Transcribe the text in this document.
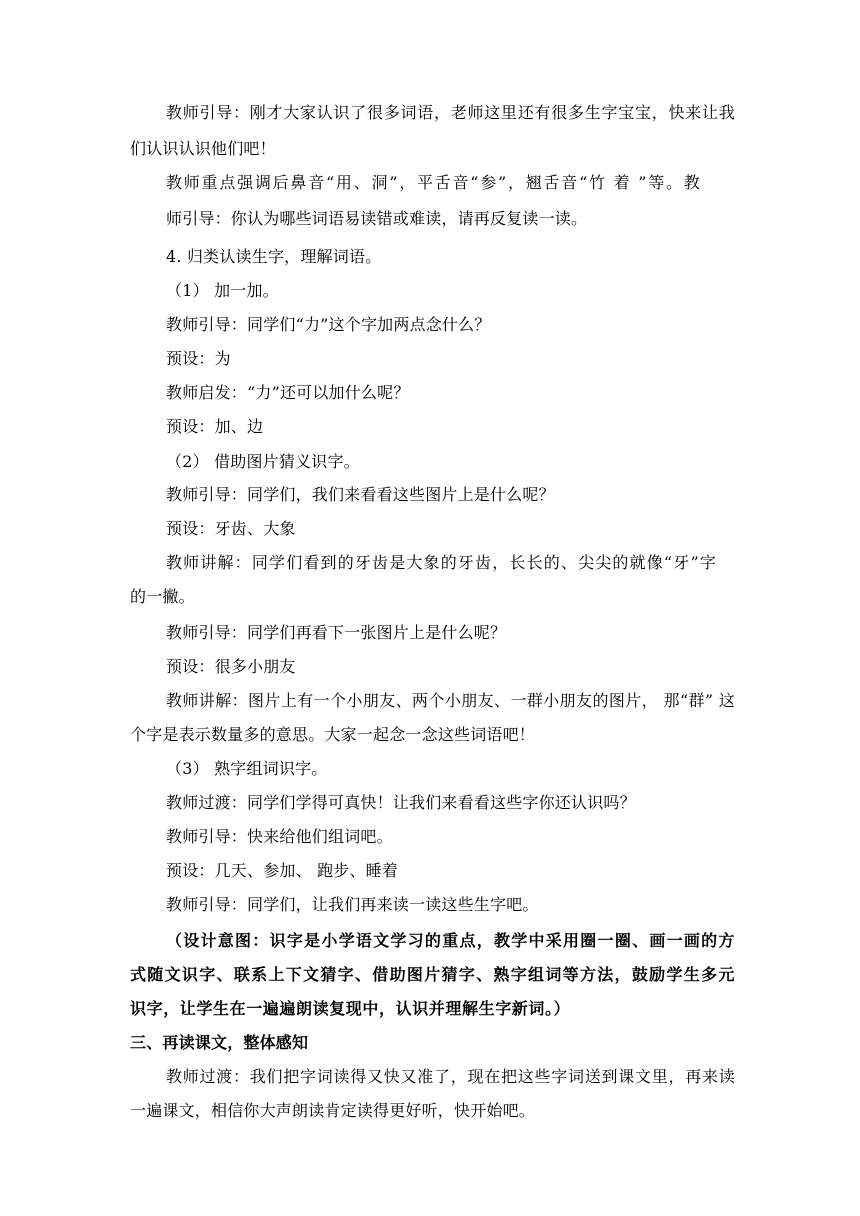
教师引导：刚才大家认识了很多词语，老师这里还有很多生字宝宝，快来让我
们认识认识他们吧！
教师重点强调后鼻音“用、洞”，平舌音“参”，翘舌音“竹 着 ”等。教
师引导：你认为哪些词语易读错或难读，请再反复读一读。
4. 归类认读生字，理解词语。
（1） 加一加。
教师引导：同学们“力”这个字加两点念什么？
预设：为
教师启发：“力”还可以加什么呢？
预设：加、边
（2） 借助图片猜义识字。
教师引导：同学们，我们来看看这些图片上是什么呢？
预设：牙齿、大象
教师讲解：同学们看到的牙齿是大象的牙齿，长长的、尖尖的就像“牙”字
的一撇。
教师引导：同学们再看下一张图片上是什么呢？
预设：很多小朋友
教师讲解：图片上有一个小朋友、两个小朋友、一群小朋友的图片， 那“群” 这
个字是表示数量多的意思。大家一起念一念这些词语吧！
（3） 熟字组词识字。
教师过渡：同学们学得可真快！让我们来看看这些字你还认识吗？
教师引导：快来给他们组词吧。
预设：几天、参加、 跑步、睡着
教师引导：同学们，让我们再来读一读这些生字吧。
（设计意图：识字是小学语文学习的重点，教学中采用圈一圈、画一画的方
式随文识字、联系上下文猜字、借助图片猜字、熟字组词等方法，鼓励学生多元
识字，让学生在一遍遍朗读复现中，认识并理解生字新词。）
三、再读课文，整体感知
教师过渡：我们把字词读得又快又准了，现在把这些字词送到课文里，再来读
一遍课文，相信你大声朗读肯定读得更好听，快开始吧。
